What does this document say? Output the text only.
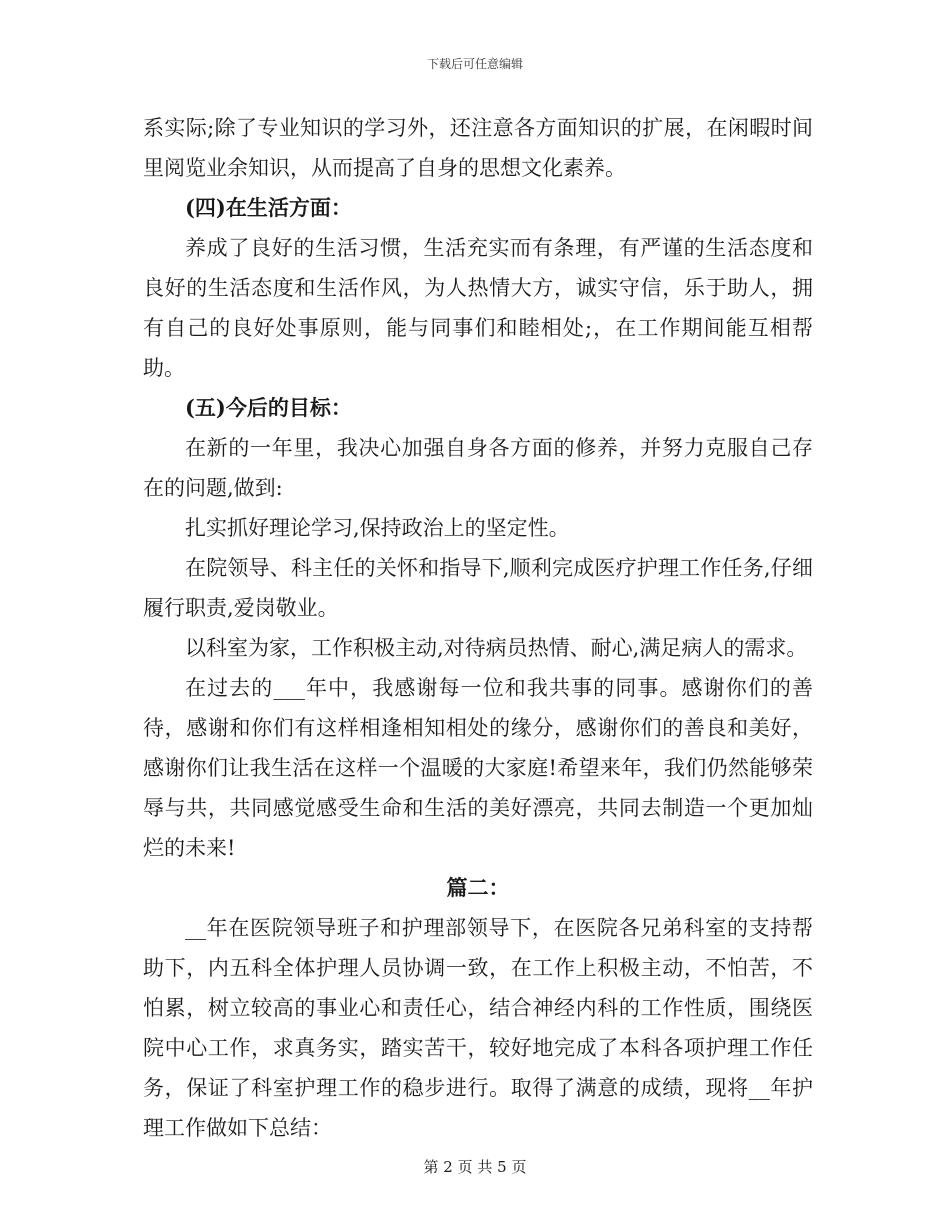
下载后可任意编辑

系实际;除了专业知识的学习外，还注意各方面知识的扩展，在闲暇时间里阅览业余知识，从而提高了自身的思想文化素养。

(四)在生活方面：

养成了良好的生活习惯，生活充实而有条理，有严谨的生活态度和良好的生活态度和生活作风，为人热情大方，诚实守信，乐于助人，拥有自己的良好处事原则，能与同事们和睦相处;，在工作期间能互相帮助。

(五)今后的目标：

在新的一年里，我决心加强自身各方面的修养，并努力克服自己存在的问题,做到:

扎实抓好理论学习,保持政治上的坚定性。

在院领导、科主任的关怀和指导下,顺利完成医疗护理工作任务,仔细履行职责,爱岗敬业。

以科室为家，工作积极主动,对待病员热情、耐心,满足病人的需求。

在过去的___年中，我感谢每一位和我共事的同事。感谢你们的善待，感谢和你们有这样相逢相知相处的缘分，感谢你们的善良和美好，感谢你们让我生活在这样一个温暖的大家庭!希望来年，我们仍然能够荣辱与共，共同感觉感受生命和生活的美好漂亮，共同去制造一个更加灿烂的未来!

篇二：

__年在医院领导班子和护理部领导下，在医院各兄弟科室的支持帮助下，内五科全体护理人员协调一致，在工作上积极主动，不怕苦，不怕累，树立较高的事业心和责任心，结合神经内科的工作性质，围绕医院中心工作，求真务实，踏实苦干，较好地完成了本科各项护理工作任务，保证了科室护理工作的稳步进行。取得了满意的成绩，现将__年护理工作做如下总结：

第 2 页 共 5 页
